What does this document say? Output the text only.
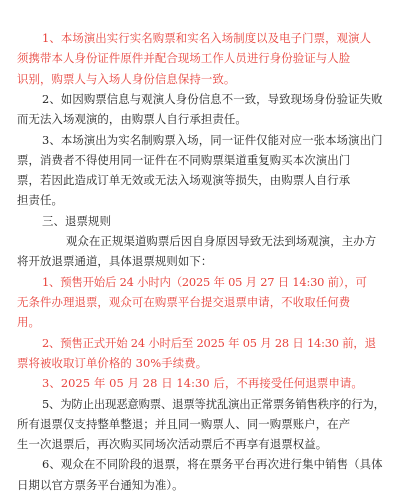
1、本场演出实行实名购票和实名入场制度以及电子门票，观演人
须携带本人身份证件原件并配合现场工作人员进行身份验证与人脸
识别，购票人与入场人身份信息保持一致。
2、如因购票信息与观演人身份信息不一致，导致现场身份验证失败
而无法入场观演的，由购票人自行承担责任。
3、本场演出为实名制购票入场，同一证件仅能对应一张本场演出门
票，消费者不得使用同一证件在不同购票渠道重复购买本次演出门
票，若因此造成订单无效或无法入场观演等损失，由购票人自行承
担责任。
三、退票规则
观众在正规渠道购票后因自身原因导致无法到场观演，主办方
将开放退票通道，具体退票规则如下：
1、预售开始后 24 小时内（2025 年 05 月 27 日 14:30 前），可
无条件办理退票，观众可在购票平台提交退票申请，不收取任何费
用。
2、预售正式开始 24 小时后至 2025 年 05 月 28 日 14:30 前，退
票将被收取订单价格的 30%手续费。
3、2025 年 05 月 28 日 14:30 后，不再接受任何退票申请。
5、为防止出现恶意购票、退票等扰乱演出正常票务销售秩序的行为，
所有退票仅支持整单整退；并且同一购票人、同一购票账户，在产
生一次退票后，再次购买同场次活动票后不再享有退票权益。
6、观众在不同阶段的退票，将在票务平台再次进行集中销售（具体
日期以官方票务平台通知为准）。
